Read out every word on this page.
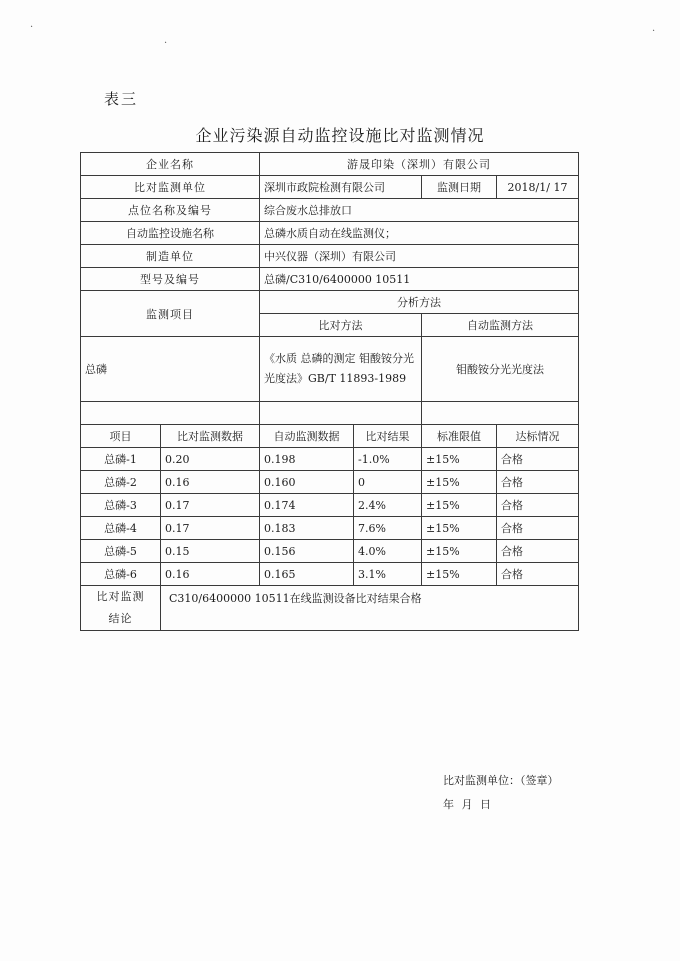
·
·
·
表三
企业污染源自动监控设施比对监测情况
企业名称		游晟印染（深圳）有限公司			
比对监测单位		深圳市政院检测有限公司		监测日期	2018/1/ 17
点位名称及编号		综合废水总排放口			
自动监控设施名称		总磷水质自动在线监测仪；			
制造单位		中兴仪器（深圳）有限公司			
型号及编号		总磷/C310/6400000 10511			
监测项目		分析方法			
		比对方法		自动监测方法	
总磷		《水质 总磷的测定 钼酸铵分光光度法》GB/T 11893-1989		钼酸铵分光光度法	

项目	比对监测数据	自动监测数据	比对结果	标准限值	达标情况
总磷-1	0.20	0.198	-1.0%	±15%	合格
总磷-2	0.16	0.160	0	±15%	合格
总磷-3	0.17	0.174	2.4%	±15%	合格
总磷-4	0.17	0.183	7.6%	±15%	合格
总磷-5	0.15	0.156	4.0%	±15%	合格
总磷-6	0.16	0.165	3.1%	±15%	合格
比对监测
结论	C310/6400000 10511在线监测设备比对结果合格
比对监测单位：（签章）
年 月 日				
